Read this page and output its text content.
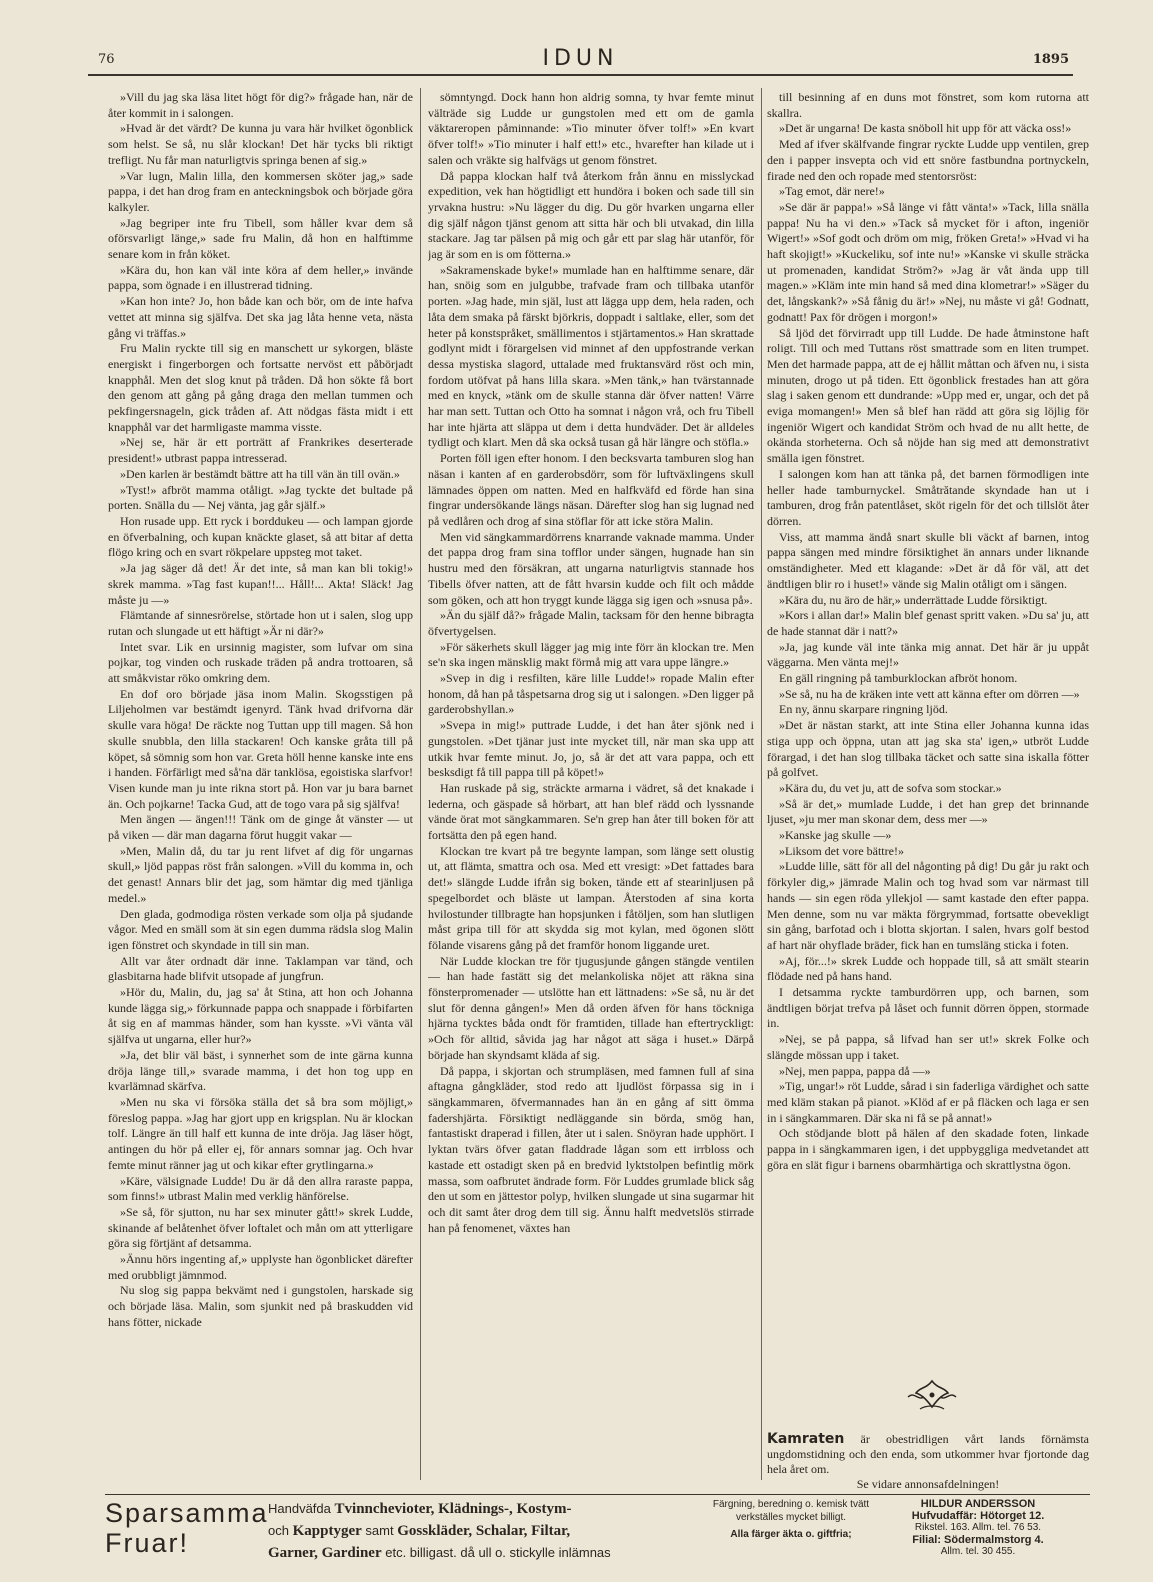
76	IDUN	1895

»Vill du jag ska läsa litet högt för dig?» frågade han, när de åter kommit in i salongen.

»Hvad är det värdt? De kunna ju vara här hvilket ögonblick som helst. Se så, nu slår klockan! Det här tycks bli riktigt trefligt. Nu får man naturligtvis springa benen af sig.»

»Var lugn, Malin lilla, den kommersen sköter jag,» sade pappa, i det han drog fram en anteckningsbok och började göra kalkyler.

»Jag begriper inte fru Tibell, som håller kvar dem så oförsvarligt länge,» sade fru Malin, då hon en halftimme senare kom in från köket.

»Kära du, hon kan väl inte köra af dem heller,» invände pappa, som ögnade i en illustrerad tidning.

»Kan hon inte? Jo, hon både kan och bör, om de inte hafva vettet att minna sig själfva. Det ska jag låta henne veta, nästa gång vi träffas.»

Fru Malin ryckte till sig en manschett ur sykorgen, bläste energiskt i fingerborgen och fortsatte nervöst ett påbörjadt knapphål. Men det slog knut på tråden. Då hon sökte få bort den genom att gång på gång draga den mellan tummen och pekfingersnageln, gick tråden af. Att nödgas fästa midt i ett knapphål var det harmligaste mamma visste.

»Nej se, här är ett porträtt af Frankrikes deserterade president!» utbrast pappa intresserad.

»Den karlen är bestämdt bättre att ha till vän än till ovän.»

»Tyst!» afbröt mamma otåligt. »Jag tyckte det bultade på porten. Snälla du — Nej vänta, jag går själf.»

Hon rusade upp. Ett ryck i borddukeu — och lampan gjorde en öfverbalning, och kupan knäckte glaset, så att bitar af detta flögo kring och en svart rökpelare uppsteg mot taket.

»Ja jag säger då det! Är det inte, så man kan bli tokig!» skrek mamma. »Tag fast kupan!!... Håll!... Akta! Släck! Jag måste ju —»

Flämtande af sinnesrörelse, störtade hon ut i salen, slog upp rutan och slungade ut ett häftigt »Är ni där?»

Intet svar. Lik en ursinnig magister, som lufvar om sina pojkar, tog vinden och ruskade träden på andra trottoaren, så att småkvistar röko omkring dem.

En dof oro började jäsa inom Malin. Skogsstigen på Liljeholmen var bestämdt igenyrd. Tänk hvad drifvorna där skulle vara höga! De räckte nog Tuttan upp till magen. Så hon skulle snubbla, den lilla stackaren! Och kanske gråta till på köpet, så sömnig som hon var. Greta höll henne kanske inte ens i handen. Förfärligt med så'na där tanklösa, egoistiska slarfvor! Visen kunde man ju inte rikna stort på. Hon var ju bara barnet än. Och pojkarne! Tacka Gud, att de togo vara på sig själfva!

Men ängen — ängen!!! Tänk om de ginge åt vänster — ut på viken — där man dagarna förut huggit vakar —

»Men, Malin då, du tar ju rent lifvet af dig för ungarnas skull,» ljöd pappas röst från salongen. »Vill du komma in, och det genast! Annars blir det jag, som hämtar dig med tjänliga medel.»

Den glada, godmodiga rösten verkade som olja på sjudande vågor. Med en smäll som ät sin egen dumma rädsla slog Malin igen fönstret och skyndade in till sin man.

Allt var åter ordnadt där inne. Taklampan var tänd, och glasbitarna hade blifvit utsopade af jungfrun.

»Hör du, Malin, du, jag sa' åt Stina, att hon och Johanna kunde lägga sig,» förkunnade pappa och snappade i förbifarten åt sig en af mammas händer, som han kysste. »Vi vänta väl själfva ut ungarna, eller hur?»

»Ja, det blir väl bäst, i synnerhet som de inte gärna kunna dröja länge till,» svarade mamma, i det hon tog upp en kvarlämnad skärfva.

»Men nu ska vi försöka ställa det så bra som möjligt,» föreslog pappa. »Jag har gjort upp en krigsplan. Nu är klockan tolf. Längre än till half ett kunna de inte dröja. Jag läser högt, antingen du hör på eller ej, för annars somnar jag. Och hvar femte minut ränner jag ut och kikar efter grytlingarna.»

»Käre, välsignade Ludde! Du är då den allra raraste pappa, som finns!» utbrast Malin med verklig hänförelse.

»Se så, för sjutton, nu har sex minuter gått!» skrek Ludde, skinande af belåtenhet öfver loftalet och mån om att ytterligare göra sig förtjänt af detsamma.

»Ännu hörs ingenting af,» upplyste han ögonblicket därefter med orubbligt jämnmod.

Nu slog sig pappa bekvämt ned i gungstolen, harskade sig och började läsa. Malin, som sjunkit ned på braskudden vid hans fötter, nickade

sömntyngd. Dock hann hon aldrig somna, ty hvar femte minut välträde sig Ludde ur gungstolen med ett om de gamla väktareropen påminnande: »Tio minuter öfver tolf!» »En kvart öfver tolf!» »Tio minuter i half ett!» etc., hvarefter han kilade ut i salen och vräkte sig halfvägs ut genom fönstret.

Då pappa klockan half två återkom från ännu en misslyckad expedition, vek han högtidligt ett hundöra i boken och sade till sin yrvakna hustru: »Nu lägger du dig. Du gör hvarken ungarna eller dig själf någon tjänst genom att sitta här och bli utvakad, din lilla stackare. Jag tar pälsen på mig och går ett par slag här utanför, för jag är som en is om fötterna.»

»Sakramenskade byke!» mumlade han en halftimme senare, där han, snöig som en julgubbe, trafvade fram och tillbaka utanför porten. »Jag hade, min själ, lust att lägga upp dem, hela raden, och låta dem smaka på färskt björkris, doppadt i saltlake, eller, som det heter på konstspråket, smällimentos i stjärtamentos.» Han skrattade godlynt midt i förargelsen vid minnet af den uppfostrande verkan dessa mystiska slagord, uttalade med fruktansvärd röst och min, fordom utöfvat på hans lilla skara. »Men tänk,» han tvärstannade med en knyck, »tänk om de skulle stanna där öfver natten! Värre har man sett. Tuttan och Otto ha somnat i någon vrå, och fru Tibell har inte hjärta att släppa ut dem i detta hundväder. Det är alldeles tydligt och klart. Men då ska också tusan gå här längre och stöfla.»

Porten föll igen efter honom. I den becksvarta tamburen slog han näsan i kanten af en garderobsdörr, som för luftväxlingens skull lämnades öppen om natten. Med en halfkväfd ed förde han sina fingrar undersökande längs näsan. Därefter slog han sig lugnad ned på vedlåren och drog af sina stöflar för att icke störa Malin.

Men vid sängkammardörrens knarrande vaknade mamma. Under det pappa drog fram sina tofflor under sängen, hugnade han sin hustru med den försäkran, att ungarna naturligtvis stannade hos Tibells öfver natten, att de fått hvarsin kudde och filt och mådde som göken, och att hon tryggt kunde lägga sig igen och »snusa på».

»Än du själf då?» frågade Malin, tacksam för den henne bibragta öfvertygelsen.

»För säkerhets skull lägger jag mig inte förr än klockan tre. Men se'n ska ingen mänsklig makt förmå mig att vara uppe längre.»

»Svep in dig i resfilten, käre lille Ludde!» ropade Malin efter honom, då han på tåspetsarna drog sig ut i salongen. »Den ligger på garderobshyllan.»

»Svepa in mig!» puttrade Ludde, i det han åter sjönk ned i gungstolen. »Det tjänar just inte mycket till, när man ska upp att utkik hvar femte minut. Jo, jo, så är det att vara pappa, och ett besksdigt få till pappa till på köpet!»

Han ruskade på sig, sträckte armarna i vädret, så det knakade i lederna, och gäspade så hörbart, att han blef rädd och lyssnande vände örat mot sängkammaren. Se'n grep han åter till boken för att fortsätta den på egen hand.

Klockan tre kvart på tre begynte lampan, som länge sett olustig ut, att flämta, smattra och osa. Med ett vresigt: »Det fattades bara det!» slängde Ludde ifrån sig boken, tände ett af stearinljusen på spegelbordet och bläste ut lampan. Återstoden af sina korta hvilostunder tillbragte han hopsjunken i fåtöljen, som han slutligen måst gripa till för att skydda sig mot kylan, med ögonen slött fölande visarens gång på det framför honom liggande uret.

När Ludde klockan tre för tjugusjunde gången stängde ventilen — han hade fastätt sig det melankoliska nöjet att räkna sina fönsterpromenader — utslötte han ett lättnadens: »Se så, nu är det slut för denna gången!» Men då orden äfven för hans töckniga hjärna tycktes båda ondt för framtiden, tillade han eftertryckligt: »Och för alltid, såvida jag har något att säga i huset.» Därpå började han skyndsamt kläda af sig.

Då pappa, i skjortan och strumpläsen, med famnen full af sina aftagna gångkläder, stod redo att ljudlöst förpassa sig in i sängkammaren, öfvermannades han än en gång af sitt ömma fadershjärta. Försiktigt nedläggande sin börda, smög han, fantastiskt draperad i fillen, åter ut i salen. Snöyran hade upphört. I lyktan tvärs öfver gatan fladdrade lågan som ett irrbloss och kastade ett ostadigt sken på en bredvid lyktstolpen befintlig mörk massa, som oafbrutet ändrade form. För Luddes grumlade blick såg den ut som en jättestor polyp, hvilken slungade ut sina sugarmar hit och dit samt åter drog dem till sig. Ännu halft medvetslös stirrade han på fenomenet, växtes han

till besinning af en duns mot fönstret, som kom rutorna att skallra.

»Det är ungarna! De kasta snöboll hit upp för att väcka oss!»

Med af ifver skälfvande fingrar ryckte Ludde upp ventilen, grep den i papper insvepta och vid ett snöre fastbundna portnyckeln, firade ned den och ropade med stentorsröst:

»Tag emot, där nere!»

»Se där är pappa!» »Så länge vi fått vänta!» »Tack, lilla snälla pappa! Nu ha vi den.» »Tack så mycket för i afton, ingeniör Wigert!» »Sof godt och dröm om mig, fröken Greta!» »Hvad vi ha haft skojigt!» »Kuckeliku, sof inte nu!» »Kanske vi skulle sträcka ut promenaden, kandidat Ström?» »Jag är våt ända upp till magen.» »Kläm inte min hand så med dina klometrar!» »Säger du det, långskank?» »Så fånig du är!» »Nej, nu måste vi gå! Godnatt, godnatt! Pax för drögen i morgon!»

Så ljöd det förvirradt upp till Ludde. De hade åtminstone haft roligt. Till och med Tuttans röst smattrade som en liten trumpet. Men det harmade pappa, att de ej hållit måttan och äfven nu, i sista minuten, drogo ut på tiden. Ett ögonblick frestades han att göra slag i saken genom ett dundrande: »Upp med er, ungar, och det på eviga momangen!» Men så blef han rädd att göra sig löjlig för ingeniör Wigert och kandidat Ström och hvad de nu allt hette, de okända storheterna. Och så nöjde han sig med att demonstrativt smälla igen fönstret.

I salongen kom han att tänka på, det barnen förmodligen inte heller hade tamburnyckel. Småtrătande skyndade han ut i tamburen, drog från patentlåset, sköt rigeln för det och tillslöt åter dörren.

Viss, att mamma ändå snart skulle bli väckt af barnen, intog pappa sängen med mindre försiktighet än annars under liknande omständigheter. Med ett klagande: »Det är då för väl, att det ändtligen blir ro i huset!» vände sig Malin otåligt om i sängen.

»Kära du, nu äro de här,» underrättade Ludde försiktigt.

»Kors i allan dar!» Malin blef genast spritt vaken. »Du sa' ju, att de hade stannat där i natt?»

»Ja, jag kunde väl inte tänka mig annat. Det här är ju uppåt väggarna. Men vänta mej!»

En gäll ringning på tamburklockan afbröt honom.

»Se så, nu ha de kräken inte vett att känna efter om dörren —»

En ny, ännu skarpare ringning ljöd.

»Det är nästan starkt, att inte Stina eller Johanna kunna idas stiga upp och öppna, utan att jag ska sta' igen,» utbröt Ludde förargad, i det han slog tillbaka täcket och satte sina iskalla fötter på golfvet.

»Kära du, du vet ju, att de sofva som stockar.»

»Så är det,» mumlade Ludde, i det han grep det brinnande ljuset, »ju mer man skonar dem, dess mer —»

»Kanske jag skulle —»

»Liksom det vore bättre!»

»Ludde lille, sätt för all del någonting på dig! Du går ju rakt och förkyler dig,» jämrade Malin och tog hvad som var närmast till hands — sin egen röda yllekjol — samt kastade den efter pappa. Men denne, som nu var mäkta förgrymmad, fortsatte obevekligt sin gång, barfotad och i blotta skjortan. I salen, hvars golf bestod af hart när ohyflade bräder, fick han en tumsläng sticka i foten.

»Aj, för...!» skrek Ludde och hoppade till, så att smält stearin flödade ned på hans hand.

I detsamma ryckte tamburdörren upp, och barnen, som ändtligen börjat trefva på låset och funnit dörren öppen, stormade in.

»Nej, se på pappa, så lifvad han ser ut!» skrek Folke och slängde mössan upp i taket.

»Nej, men pappa, pappa då —»

»Tig, ungar!» röt Ludde, sårad i sin faderliga värdighet och satte med kläm stakan på pianot. »Klöd af er på fläcken och laga er sen in i sängkammaren. Där ska ni få se på annat!»

Och stödjande blott på hälen af den skadade foten, linkade pappa in i sängkammaren igen, i det uppbyggliga medvetandet att göra en slät figur i barnens obarmhärtiga och skrattlystna ögon.

Kamraten är obestridligen vårt lands förnämsta ungdomstidning och den enda, som utkommer hvar fjortonde dag hela året om.
Se vidare annonsafdelningen!
Sparsamma
Fruar!
Handväfda Tvinnchevioter, Klädnings-, Kostym-
och Kapptyger samt Gosskläder, Schalar, Filtar,
Garner, Gardiner etc. billigast. då ull o. stickylle inlämnas
Färgning, beredning o. kemisk tvätt verkställes mycket billigt.
Alla färger äkta o. giftfria;
HILDUR ANDERSSON
Hufvudaffär: Hötorget 12.
Rikstel. 163. Allm. tel. 76 53.
Filial: Södermalmstorg 4.
Allm. tel. 30 455.
